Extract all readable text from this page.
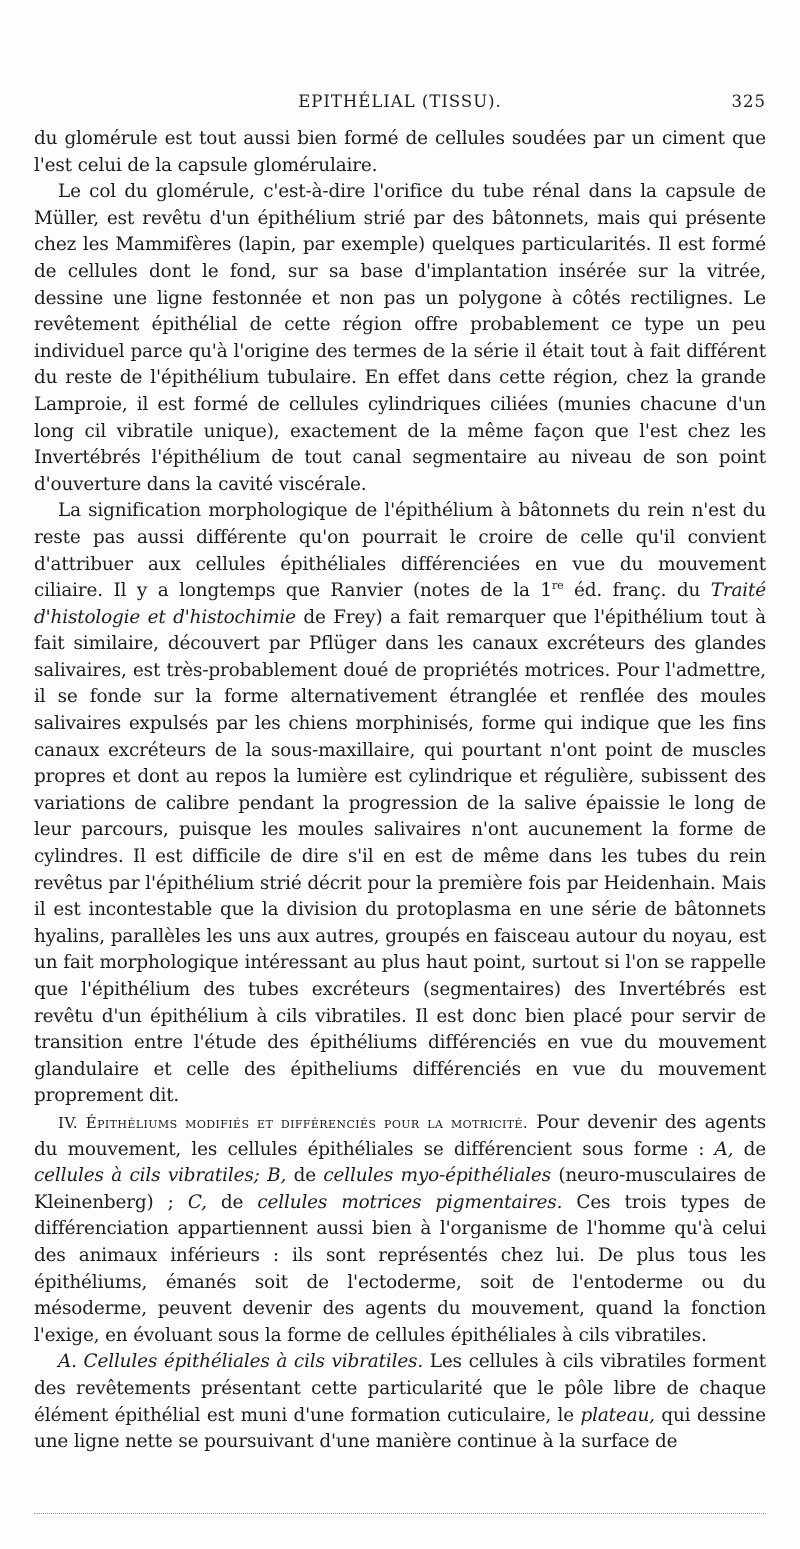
EPITHÉLIAL (TISSU).	325

du glomérule est tout aussi bien formé de cellules soudées par un ciment que l'est celui de la capsule glomérulaire.

Le col du glomérule, c'est-à-dire l'orifice du tube rénal dans la capsule de Müller, est revêtu d'un épithélium strié par des bâtonnets, mais qui présente chez les Mammifères (lapin, par exemple) quelques particularités. Il est formé de cellules dont le fond, sur sa base d'implantation insérée sur la vitrée, dessine une ligne festonnée et non pas un polygone à côtés rectilignes. Le revêtement épithélial de cette région offre probablement ce type un peu individuel parce qu'à l'origine des termes de la série il était tout à fait différent du reste de l'épithélium tubulaire. En effet dans cette région, chez la grande Lamproie, il est formé de cellules cylindriques ciliées (munies chacune d'un long cil vibratile unique), exactement de la même façon que l'est chez les Invertébrés l'épithélium de tout canal segmentaire au niveau de son point d'ouverture dans la cavité viscérale.

La signification morphologique de l'épithélium à bâtonnets du rein n'est du reste pas aussi différente qu'on pourrait le croire de celle qu'il convient d'attribuer aux cellules épithéliales différenciées en vue du mouvement ciliaire. Il y a longtemps que Ranvier (notes de la 1re éd. franç. du Traité d'histologie et d'histochimie de Frey) a fait remarquer que l'épithélium tout à fait similaire, découvert par Pflüger dans les canaux excréteurs des glandes salivaires, est très-probablement doué de propriétés motrices. Pour l'admettre, il se fonde sur la forme alternativement étranglée et renflée des moules salivaires expulsés par les chiens morphinisés, forme qui indique que les fins canaux excréteurs de la sous-maxillaire, qui pourtant n'ont point de muscles propres et dont au repos la lumière est cylindrique et régulière, subissent des variations de calibre pendant la progression de la salive épaissie le long de leur parcours, puisque les moules salivaires n'ont aucunement la forme de cylindres. Il est difficile de dire s'il en est de même dans les tubes du rein revêtus par l'épithélium strié décrit pour la première fois par Heidenhain. Mais il est incontestable que la division du protoplasma en une série de bâtonnets hyalins, parallèles les uns aux autres, groupés en faisceau autour du noyau, est un fait morphologique intéressant au plus haut point, surtout si l'on se rappelle que l'épithélium des tubes excréteurs (segmentaires) des Invertébrés est revêtu d'un épithélium à cils vibratiles. Il est donc bien placé pour servir de transition entre l'étude des épithéliums différenciés en vue du mouvement glandulaire et celle des épitheliums différenciés en vue du mouvement proprement dit.

IV. Épithéliums modifiés et différenciés pour la motricité. Pour devenir des agents du mouvement, les cellules épithéliales se différencient sous forme : A, de cellules à cils vibratiles; B, de cellules myo-épithéliales (neuro-musculaires de Kleinenberg) ; C, de cellules motrices pigmentaires. Ces trois types de différenciation appartiennent aussi bien à l'organisme de l'homme qu'à celui des animaux inférieurs : ils sont représentés chez lui. De plus tous les épithéliums, émanés soit de l'ectoderme, soit de l'entoderme ou du mésoderme, peuvent devenir des agents du mouvement, quand la fonction l'exige, en évoluant sous la forme de cellules épithéliales à cils vibratiles.

A. Cellules épithéliales à cils vibratiles. Les cellules à cils vibratiles forment des revêtements présentant cette particularité que le pôle libre de chaque élément épithélial est muni d'une formation cuticulaire, le plateau, qui dessine une ligne nette se poursuivant d'une manière continue à la surface de
